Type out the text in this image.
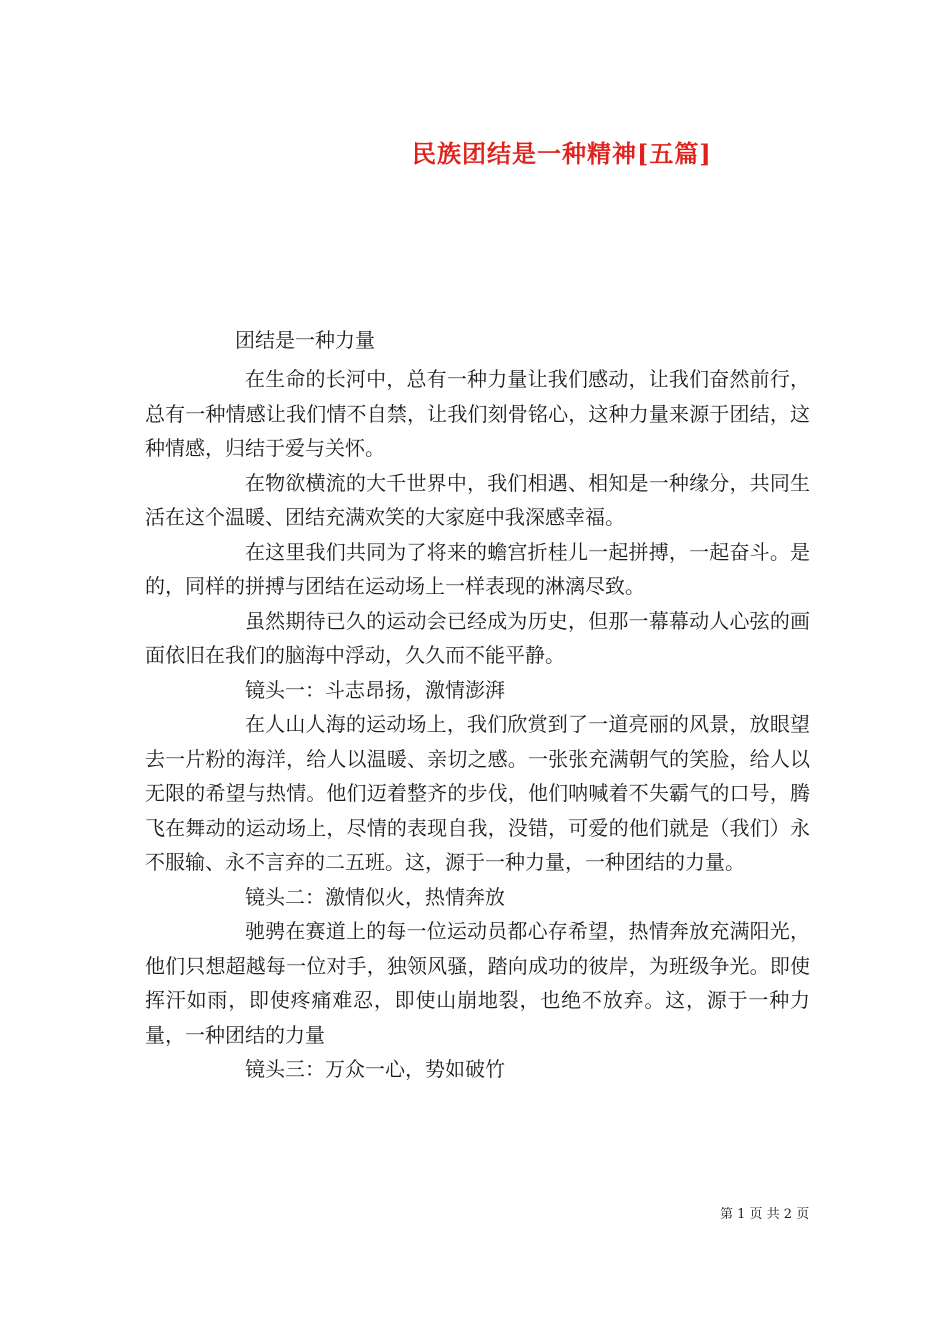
民族团结是一种精神[五篇]
团结是一种力量

在生命的长河中，总有一种力量让我们感动，让我们奋然前行，总有一种情感让我们情不自禁，让我们刻骨铭心，这种力量来源于团结，这种情感，归结于爱与关怀。

在物欲横流的大千世界中，我们相遇、相知是一种缘分，共同生活在这个温暖、团结充满欢笑的大家庭中我深感幸福。

在这里我们共同为了将来的蟾宫折桂儿一起拼搏，一起奋斗。是的，同样的拼搏与团结在运动场上一样表现的淋漓尽致。

虽然期待已久的运动会已经成为历史，但那一幕幕动人心弦的画面依旧在我们的脑海中浮动，久久而不能平静。

镜头一：斗志昂扬，激情澎湃

在人山人海的运动场上，我们欣赏到了一道亮丽的风景，放眼望去一片粉的海洋，给人以温暖、亲切之感。一张张充满朝气的笑脸，给人以无限的希望与热情。他们迈着整齐的步伐，他们呐喊着不失霸气的口号，腾飞在舞动的运动场上，尽情的表现自我，没错，可爱的他们就是（我们）永不服输、永不言弃的二五班。这，源于一种力量，一种团结的力量。

镜头二：激情似火，热情奔放

驰骋在赛道上的每一位运动员都心存希望，热情奔放充满阳光，他们只想超越每一位对手，独领风骚，踏向成功的彼岸，为班级争光。即使挥汗如雨，即使疼痛难忍，即使山崩地裂，也绝不放弃。这，源于一种力量，一种团结的力量

镜头三：万众一心，势如破竹

第 1 页 共 2 页
